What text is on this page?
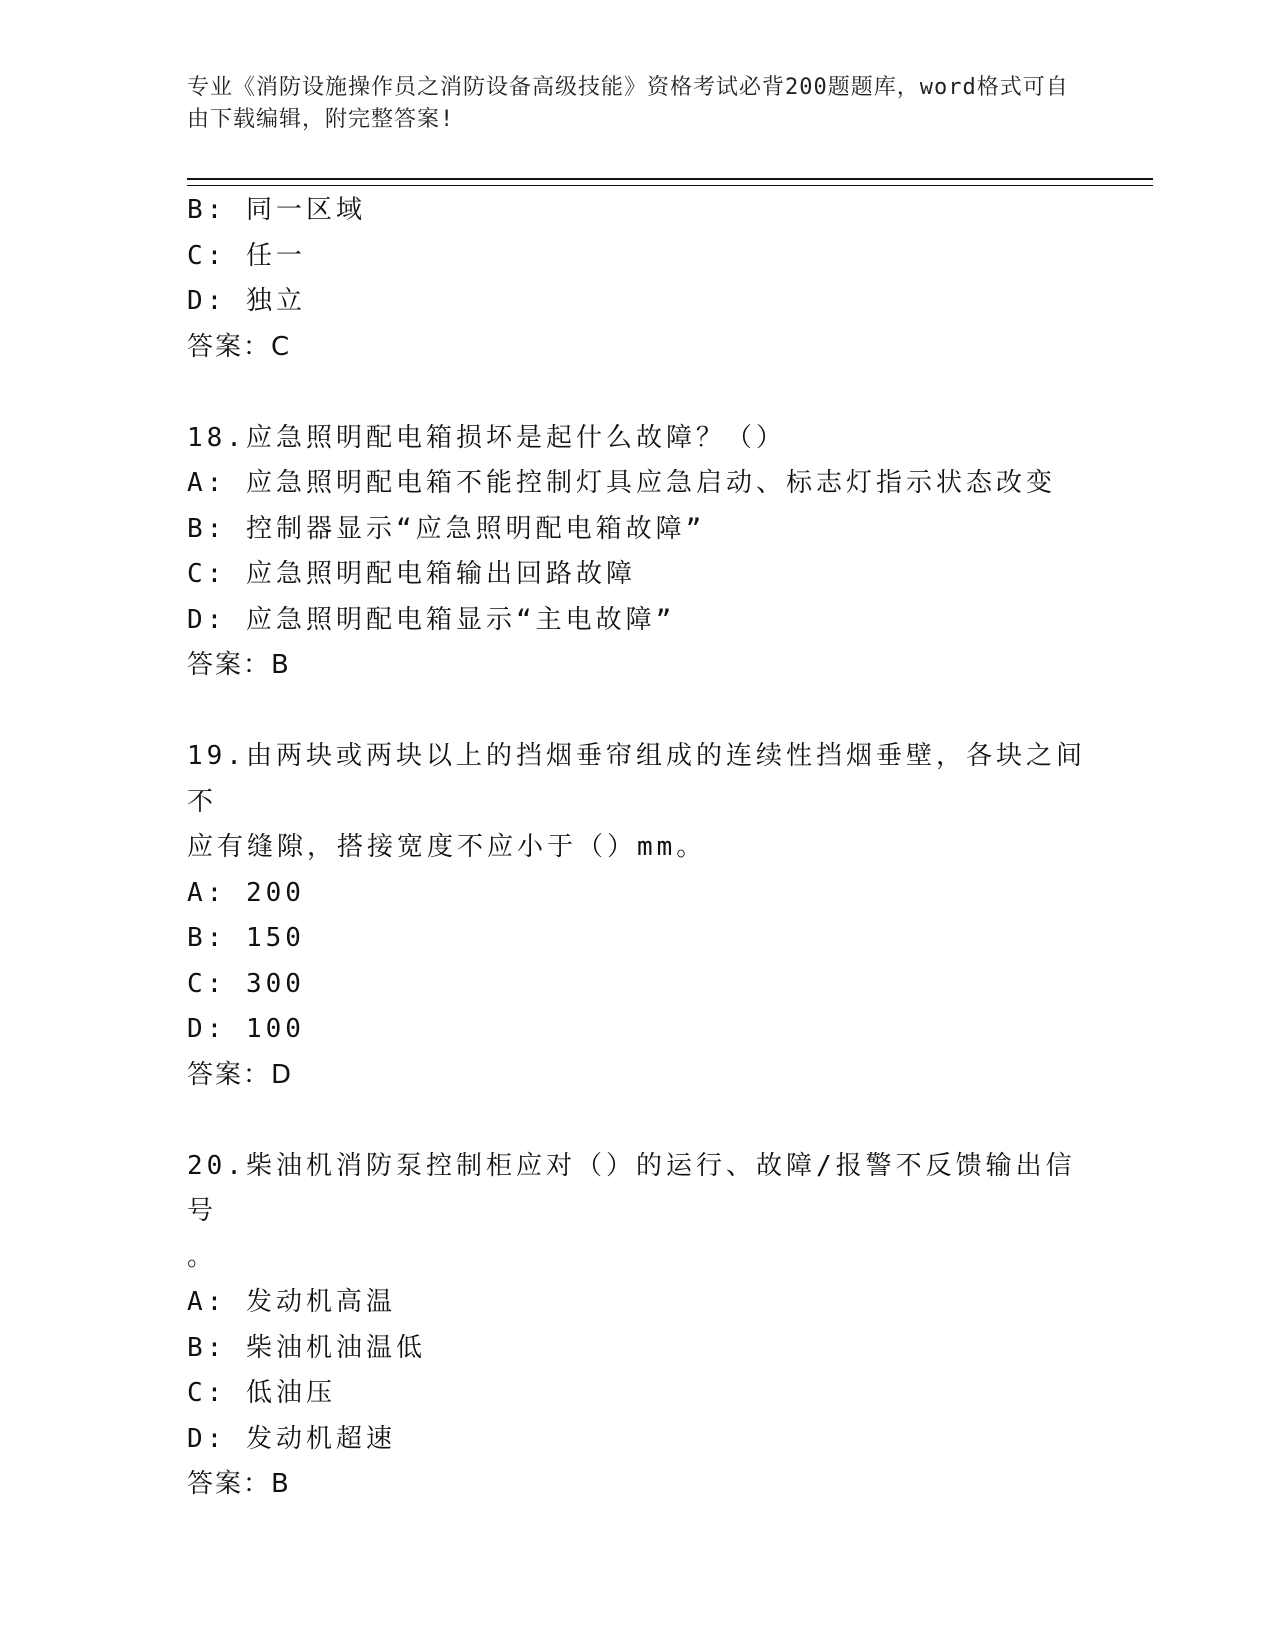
专业《消防设施操作员之消防设备高级技能》资格考试必背200题题库，word格式可自由下载编辑，附完整答案!

B: 同一区域

C: 任一

D: 独立

答案：C

18.应急照明配电箱损坏是起什么故障？（）

A: 应急照明配电箱不能控制灯具应急启动、标志灯指示状态改变

B: 控制器显示“应急照明配电箱故障”

C: 应急照明配电箱输出回路故障

D: 应急照明配电箱显示“主电故障”

答案：B

19.由两块或两块以上的挡烟垂帘组成的连续性挡烟垂壁，各块之间不

应有缝隙，搭接宽度不应小于（）mm。

A: 200

B: 150

C: 300

D: 100

答案：D

20.柴油机消防泵控制柜应对（）的运行、故障/报警不反馈输出信号

。

A: 发动机高温

B: 柴油机油温低

C: 低油压

D: 发动机超速

答案：B
